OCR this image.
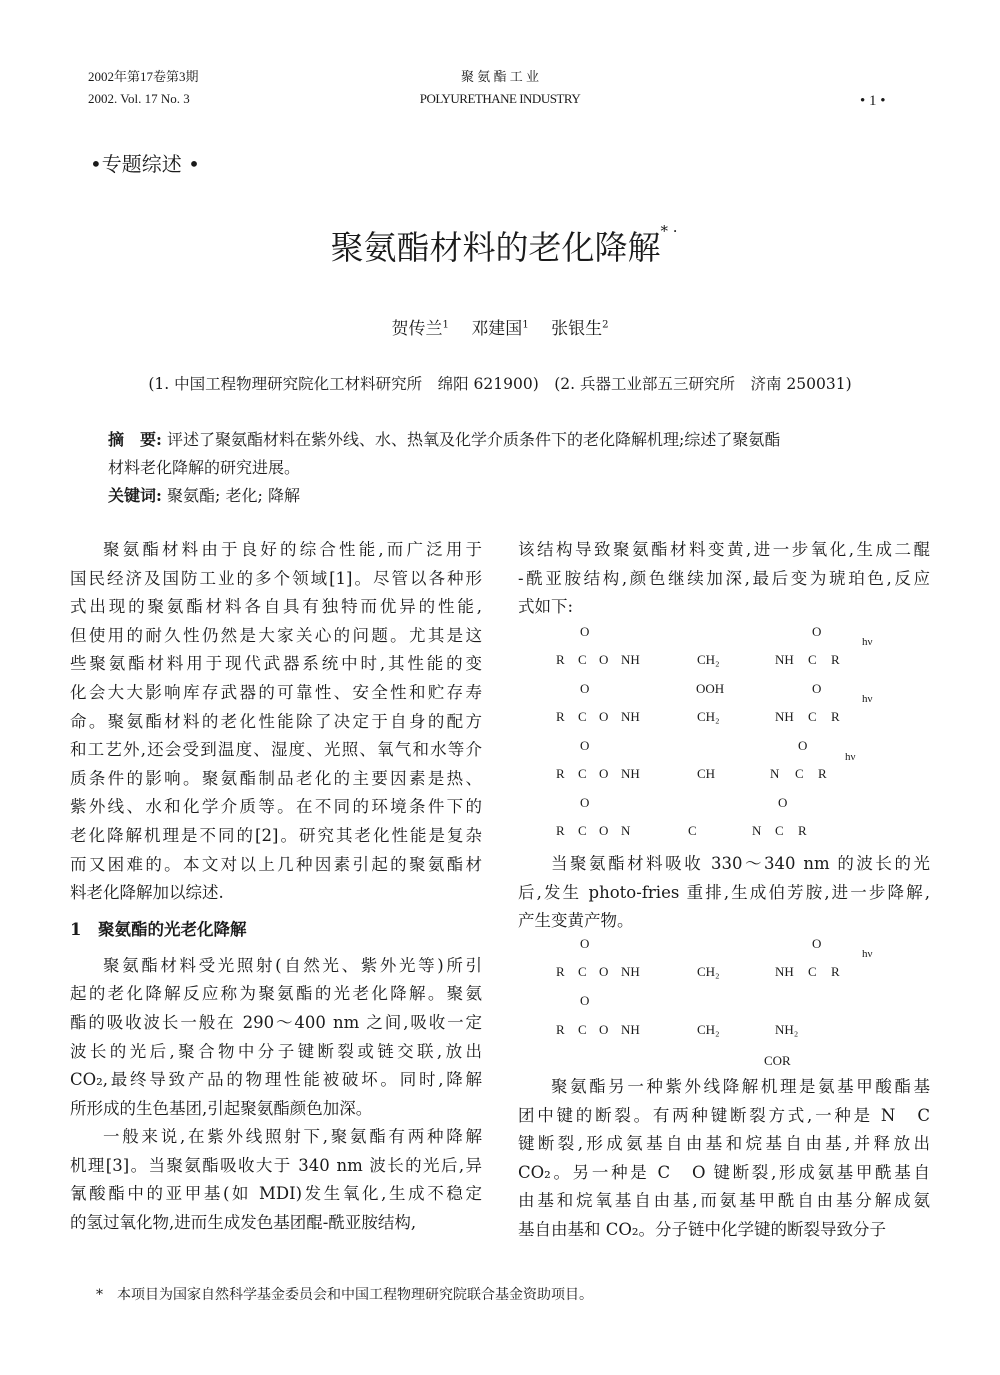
2002年第17卷第3期
2002. Vol. 17 No. 3
聚 氨 酯 工 业
POLYURETHANE INDUSTRY	• 1 •
•专题综述 •
聚氨酯材料的老化降解* ·
贺传兰$^1$　 邓建国$^1$　 张银生$^2$
(1. 中国工程物理研究院化工材料研究所　绵阳 621900)　(2. 兵器工业部五三研究所　济南 250031)
摘　要: 评述了聚氨酯材料在紫外线、水、热氧及化学介质条件下的老化降解机理;综述了聚氨酯
材料老化降解的研究进展。
关键词: 聚氨酯; 老化; 降解
聚氨酯材料由于良好的综合性能,而广泛用于
国民经济及国防工业的多个领域[1]。尽管以各种形
式出现的聚氨酯材料各自具有独特而优异的性能,
但使用的耐久性仍然是大家关心的问题。尤其是这
些聚氨酯材料用于现代武器系统中时,其性能的变
化会大大影响库存武器的可靠性、安全性和贮存寿
命。聚氨酯材料的老化性能除了决定于自身的配方
和工艺外,还会受到温度、湿度、光照、氧气和水等介
质条件的影响。聚氨酯制品老化的主要因素是热、
紫外线、水和化学介质等。在不同的环境条件下的
老化降解机理是不同的[2]。研究其老化性能是复杂
而又困难的。本文对以上几种因素引起的聚氨酯材
料老化降解加以综述.
1　聚氨酯的光老化降解
聚氨酯材料受光照射(自然光、紫外光等)所引
起的老化降解反应称为聚氨酯的光老化降解。聚氨
酯的吸收波长一般在 290～400 nm 之间,吸收一定
波长的光后,聚合物中分子键断裂或链交联,放出
CO₂,最终导致产品的物理性能被破坏。同时,降解
所形成的生色基团,引起聚氨酯颜色加深。
一般来说,在紫外线照射下,聚氨酯有两种降解
机理[3]。当聚氨酯吸收大于 340 nm 波长的光后,异
氰酸酯中的亚甲基(如 MDI)发生氧化,生成不稳定
的氢过氧化物,进而生成发色基团醌-酰亚胺结构,
该结构导致聚氨酯材料变黄,进一步氧化,生成二醌
-酰亚胺结构,颜色继续加深,最后变为琥珀色,反应
式如下:
当聚氨酯材料吸收 330～340 nm 的波长的光
后,发生 photo-fries 重排,生成伯芳胺,进一步降解,
产生变黄产物。
聚氨酯另一种紫外线降解机理是氨基甲酸酯基
团中键的断裂。有两种键断裂方式,一种是 N　C
键断裂,形成氨基自由基和烷基自由基,并释放出
CO₂。另一种是 C　O 键断裂,形成氨基甲酰基自
由基和烷氧基自由基,而氨基甲酰自由基分解成氨
基自由基和 CO₂。分子链中化学键的断裂导致分子
O	O
hν
R C O NH	CH₂	NH C R
OOH
O	O
hν
R C O NH	CH₂	NH C R
O	O
hν
R C O NH	CH	N C R
O	O
R C O N	C	N C R
O	O
hν
R C O NH	CH₂	NH C R
O
R C O NH	CH₂	NH₂
COR
*　本项目为国家自然科学基金委员会和中国工程物理研究院联合基金资助项目。
